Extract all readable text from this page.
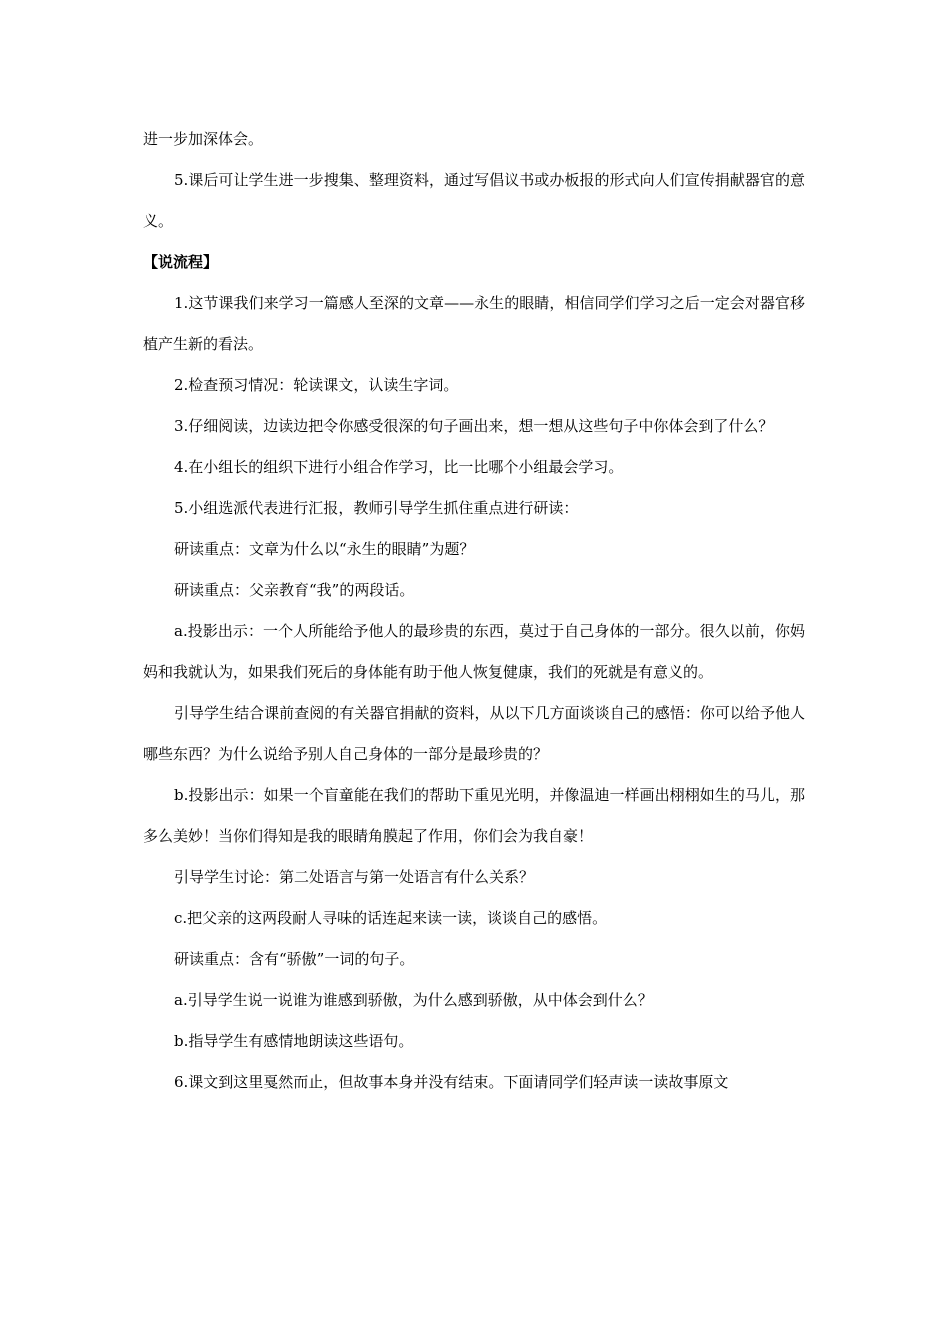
进一步加深体会。

5.课后可让学生进一步搜集、整理资料，通过写倡议书或办板报的形式向人们宣传捐献器官的意义。

【说流程】

1.这节课我们来学习一篇感人至深的文章——永生的眼睛，相信同学们学习之后一定会对器官移植产生新的看法。

2.检查预习情况：轮读课文，认读生字词。

3.仔细阅读，边读边把令你感受很深的句子画出来，想一想从这些句子中你体会到了什么？

4.在小组长的组织下进行小组合作学习，比一比哪个小组最会学习。

5.小组选派代表进行汇报，教师引导学生抓住重点进行研读：

研读重点：文章为什么以“永生的眼睛”为题？

研读重点：父亲教育“我”的两段话。

a.投影出示：一个人所能给予他人的最珍贵的东西，莫过于自己身体的一部分。很久以前，你妈妈和我就认为，如果我们死后的身体能有助于他人恢复健康，我们的死就是有意义的。

引导学生结合课前查阅的有关器官捐献的资料，从以下几方面谈谈自己的感悟：你可以给予他人哪些东西？为什么说给予别人自己身体的一部分是最珍贵的？

b.投影出示：如果一个盲童能在我们的帮助下重见光明，并像温迪一样画出栩栩如生的马儿，那多么美妙！当你们得知是我的眼睛角膜起了作用，你们会为我自豪！

引导学生讨论：第二处语言与第一处语言有什么关系？

c.把父亲的这两段耐人寻味的话连起来读一读，谈谈自己的感悟。

研读重点：含有“骄傲”一词的句子。

a.引导学生说一说谁为谁感到骄傲，为什么感到骄傲，从中体会到什么？

b.指导学生有感情地朗读这些语句。

6.课文到这里戛然而止，但故事本身并没有结束。下面请同学们轻声读一读故事原文
